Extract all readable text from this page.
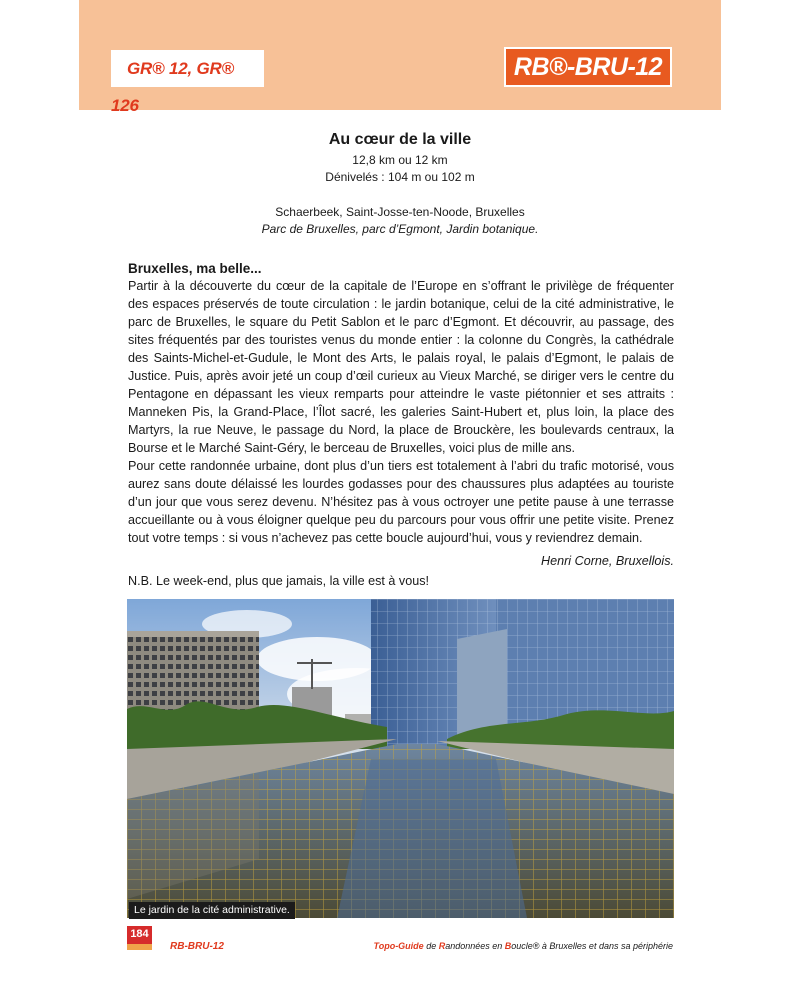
GR® 12, GR® 126
RB®-BRU-12
Au cœur de la ville
12,8 km ou 12 km
Dénivelés : 104 m ou 102 m
Schaerbeek, Saint-Josse-ten-Noode, Bruxelles
Parc de Bruxelles, parc d’Egmont, Jardin botanique.
Bruxelles, ma belle...

Partir à la découverte du cœur de la capitale de l’Europe en s’offrant le privilège de fréquenter des espaces préservés de toute circulation : le jardin botanique, celui de la cité administrative, le parc de Bruxelles, le square du Petit Sablon et le parc d’Egmont. Et découvrir, au passage, des sites fréquentés par des touristes venus du monde entier : la colonne du Congrès, la cathédrale des Saints-Michel-et-Gudule, le Mont des Arts, le palais royal, le palais d’Egmont, le palais de Justice. Puis, après avoir jeté un coup d’œil curieux au Vieux Marché, se diriger vers le centre du Pentagone en dépassant les vieux remparts pour atteindre le vaste piétonnier et ses attraits : Manneken Pis, la Grand-Place, l’Îlot sacré, les galeries Saint-Hubert et, plus loin, la place des Martyrs, la rue Neuve, le passage du Nord, la place de Brouckère, les boulevards centraux, la Bourse et le Marché Saint-Géry, le berceau de Bruxelles, voici plus de mille ans.

Pour cette randonnée urbaine, dont plus d’un tiers est totalement à l’abri du trafic motorisé, vous aurez sans doute délaissé les lourdes godasses pour des chaussures plus adaptées au touriste d’un jour que vous serez devenu. N’hésitez pas à vous octroyer une petite pause à une terrasse accueillante ou à vous éloigner quelque peu du parcours pour vous offrir une petite visite. Prenez tout votre temps : si vous n’achevez pas cette boucle aujourd’hui, vous y reviendrez demain.

Henri Corne, Bruxellois.
N.B. Le week-end, plus que jamais, la ville est à vous!
Le jardin de la cité administrative.
184
RB-BRU-12	Topo-Guide de Randonnées en Boucle® à Bruxelles et dans sa périphérie
